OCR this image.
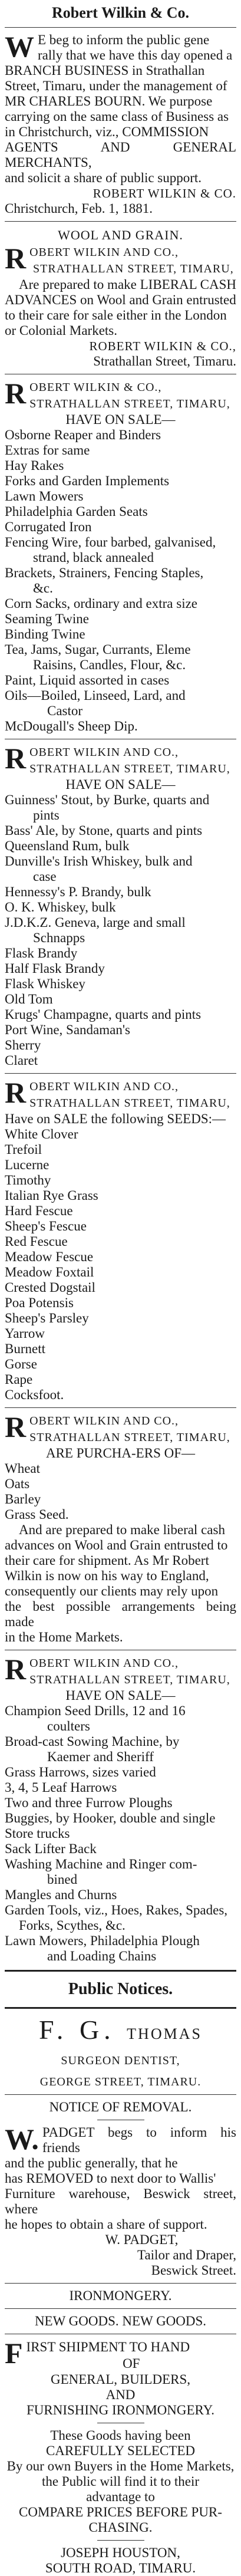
Robert Wilkin & Co.
W E beg to inform the public gene
rally that we have this day opened a
BRANCH BUSINESS in Strathallan
Street, Timaru, under the management of
MR CHARLES BOURN. We purpose
carrying on the same class of Business as
in Christchurch, viz., COMMISSION
AGENTS AND GENERAL MERCHANTS,
and solicit a share of public support.
ROBERT WILKIN & CO.
Christchurch, Feb. 1, 1881.
WOOL AND GRAIN.
R OBERT WILKIN AND CO.,
STRATHALLAN STREET, TIMARU,
Are prepared to make LIBERAL CASH
ADVANCES on Wool and Grain entrusted
to their care for sale either in the London
or Colonial Markets.
ROBERT WILKIN & CO.,
Strathallan Street, Timaru.
R OBERT WILKIN & CO.,
STRATHALLAN STREET, TIMARU,
HAVE ON SALE—
Osborne Reaper and Binders
Extras for same
Hay Rakes
Forks and Garden Implements
Lawn Mowers
Philadelphia Garden Seats
Corrugated Iron
Fencing Wire, four barbed, galvanised,
strand, black annealed
Brackets, Strainers, Fencing Staples,
&c.
Corn Sacks, ordinary and extra size
Seaming Twine
Binding Twine
Tea, Jams, Sugar, Currants, Eleme
Raisins, Candles, Flour, &c.
Paint, Liquid assorted in cases
Oils—Boiled, Linseed, Lard, and
Castor
McDougall's Sheep Dip.
R OBERT WILKIN AND CO.,
STRATHALLAN STREET, TIMARU,
HAVE ON SALE—
Guinness' Stout, by Burke, quarts and
pints
Bass' Ale, by Stone, quarts and pints
Queensland Rum, bulk
Dunville's Irish Whiskey, bulk and
case
Hennessy's P. Brandy, bulk
O. K. Whiskey, bulk
J.D.K.Z. Geneva, large and small
Schnapps
Flask Brandy
Half Flask Brandy
Flask Whiskey
Old Tom
Krugs' Champagne, quarts and pints
Port Wine, Sandaman's
Sherry
Claret
R OBERT WILKIN AND CO.,
STRATHALLAN STREET, TIMARU,
Have on SALE the following SEEDS:—
White Clover
Trefoil
Lucerne
Timothy
Italian Rye Grass
Hard Fescue
Sheep's Fescue
Red Fescue
Meadow Fescue
Meadow Foxtail
Crested Dogstail
Poa Potensis
Sheep's Parsley
Yarrow
Burnett
Gorse
Rape
Cocksfoot.
R OBERT WILKIN AND CO.,
STRATHALLAN STREET, TIMARU,
ARE PURCHA-ERS OF—
Wheat
Oats
Barley
Grass Seed.
And are prepared to make liberal cash
advances on Wool and Grain entrusted to
their care for shipment. As Mr Robert
Wilkin is now on his way to England,
consequently our clients may rely upon
the best possible arrangements being made
in the Home Markets.
R OBERT WILKIN AND CO.,
STRATHALLAN STREET, TIMARU,
HAVE ON SALE—
Champion Seed Drills, 12 and 16
coulters
Broad-cast Sowing Machine, by
Kaemer and Sheriff
Grass Harrows, sizes varied
3, 4, 5 Leaf Harrows
Two and three Furrow Ploughs
Buggies, by Hooker, double and single
Store trucks
Sack Lifter Back
Washing Machine and Ringer com-
bined
Mangles and Churns
Garden Tools, viz., Hoes, Rakes, Spades,
Forks, Scythes, &c.
Lawn Mowers, Philadelphia Plough
and Loading Chains
Public Notices.
F. G. THOMAS
SURGEON DENTIST,
GEORGE STREET, TIMARU.
NOTICE OF REMOVAL.
W. PADGET begs to inform his friends
and the public generally, that he
has REMOVED to next door to Wallis'
Furniture warehouse, Beswick street, where
he hopes to obtain a share of support.
W. PADGET,
Tailor and Draper,
Beswick Street.
IRONMONGERY.
NEW GOODS. NEW GOODS.
F IRST SHIPMENT TO HAND
OF
GENERAL, BUILDERS,
AND
FURNISHING IRONMONGERY.
These Goods having been
CAREFULLY SELECTED
By our own Buyers in the Home Markets,
the Public will find it to their
advantage to
COMPARE PRICES BEFORE PUR-
CHASING.
JOSEPH HOUSTON,
SOUTH ROAD, TIMARU.
